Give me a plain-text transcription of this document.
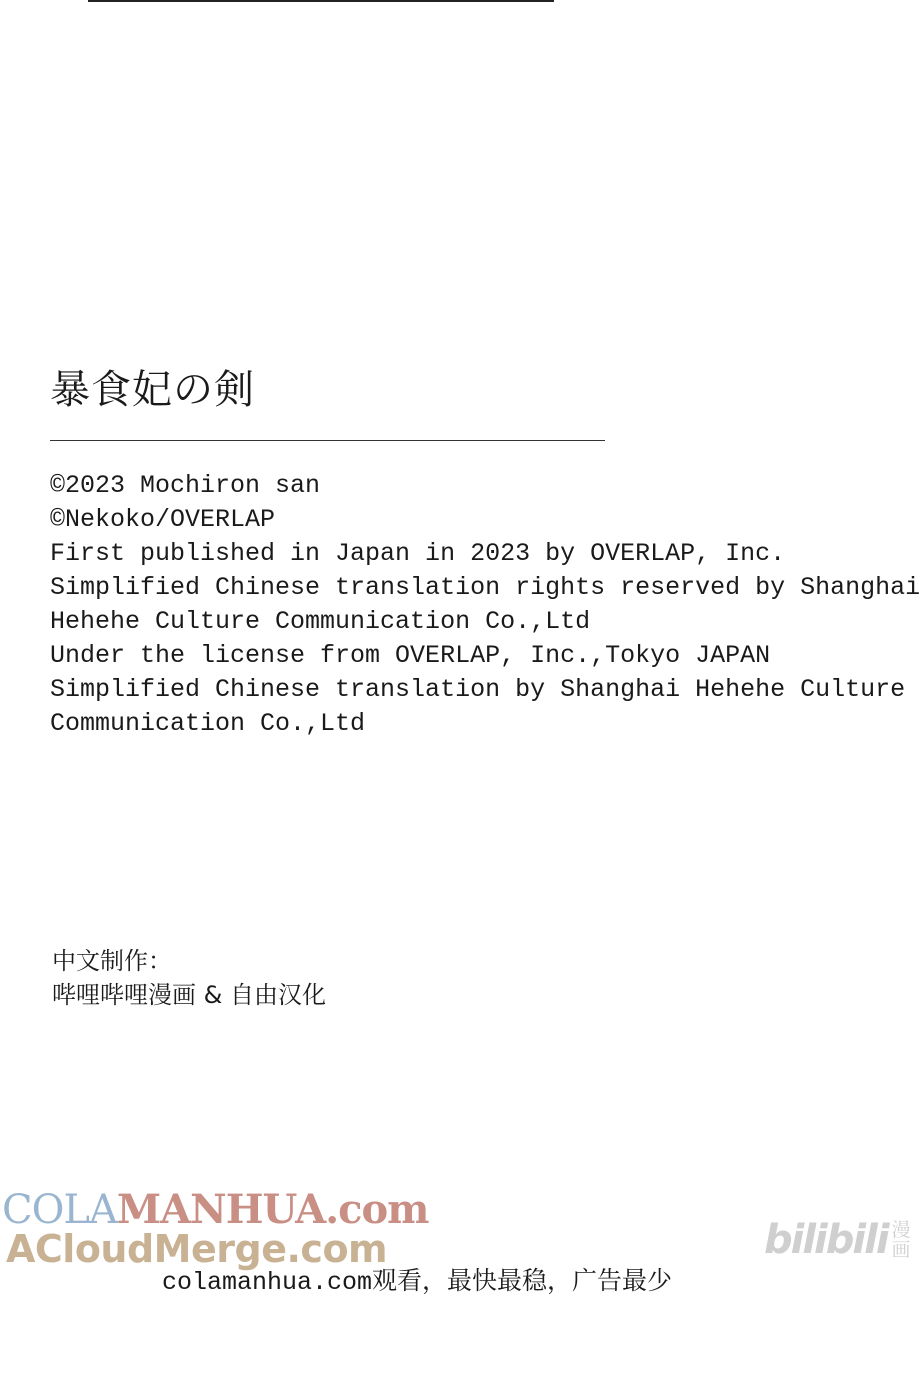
暴食妃の剣
©2023 Mochiron san
©Nekoko/OVERLAP
First published in Japan in 2023 by OVERLAP, Inc.
Simplified Chinese translation rights reserved by Shanghai
Hehehe Culture Communication Co.,Ltd
Under the license from OVERLAP, Inc.,Tokyo JAPAN
Simplified Chinese translation by Shanghai Hehehe Culture
Communication Co.,Ltd
中文制作：
哔哩哔哩漫画 & 自由汉化
COLAMANHUA.com
ACloudMerge.com	bilibili 漫画
colamanhua.com观看，最快最稳，广告最少
